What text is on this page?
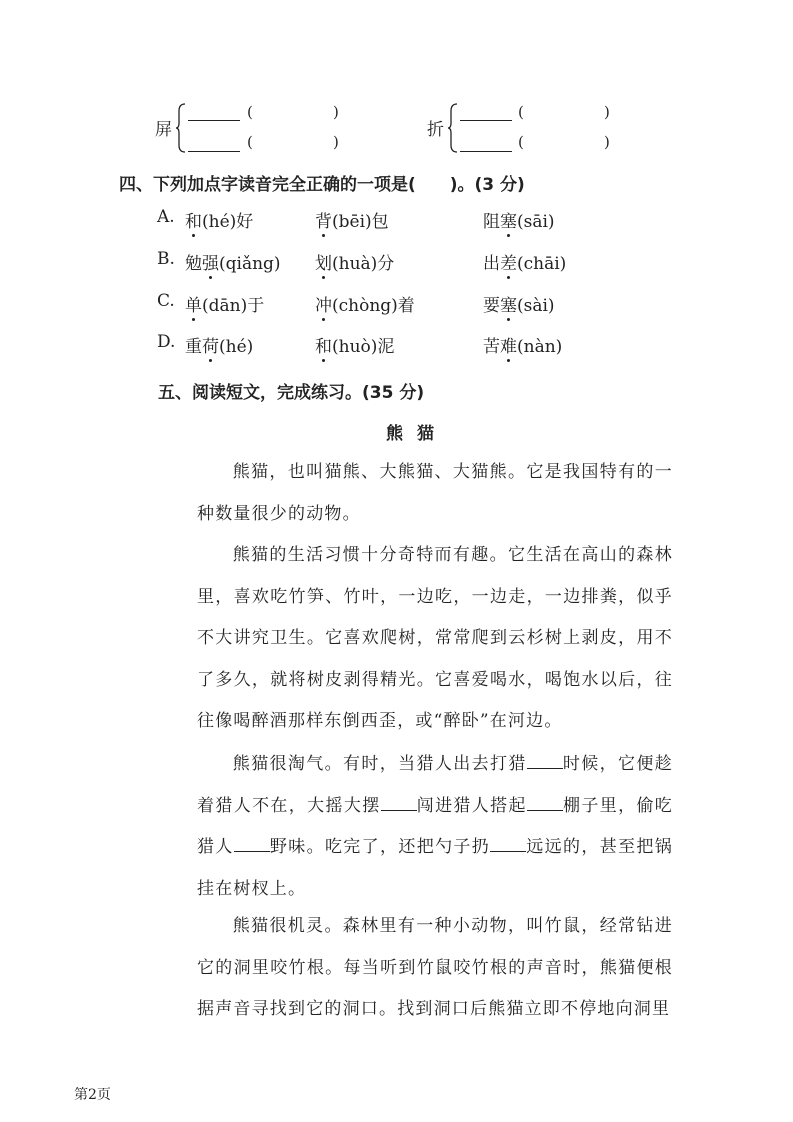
屏
(	)
(	)
折
(	)
(	)
四、下列加点字读音完全正确的一项是(　　)。(3 分)
A. 和(hé)好	背(bēi)包	阻塞(sāi)
B. 勉强(qiǎng) 划(huà)分	出差(chāi)
C. 单(dān)于	冲(chòng)着	要塞(sài)
D. 重荷(hé)	和(huò)泥	苦难(nàn)
五、阅读短文，完成练习。(35 分)
熊猫
熊猫，也叫猫熊、大熊猫、大猫熊。它是我国特有的一种数量很少的动物。
熊猫的生活习惯十分奇特而有趣。它生活在高山的森林里，喜欢吃竹笋、竹叶，一边吃，一边走，一边排粪，似乎不大讲究卫生。它喜欢爬树，常常爬到云杉树上剥皮，用不了多久，就将树皮剥得精光。它喜爱喝水，喝饱水以后，往往像喝醉酒那样东倒西歪，或“醉卧”在河边。
熊猫很淘气。有时，当猎人出去打猎 时候，它便趁着猎人不在，大摇大摆 闯进猎人搭起 棚子里，偷吃猎人 野味。吃完了，还把勺子扔 远远的，甚至把锅挂在树杈上。
熊猫很机灵。森林里有一种小动物，叫竹鼠，经常钻进它的洞里咬竹根。每当听到竹鼠咬竹根的声音时，熊猫便根据声音寻找到它的洞口。找到洞口后熊猫立即不停地向洞里
第2页
